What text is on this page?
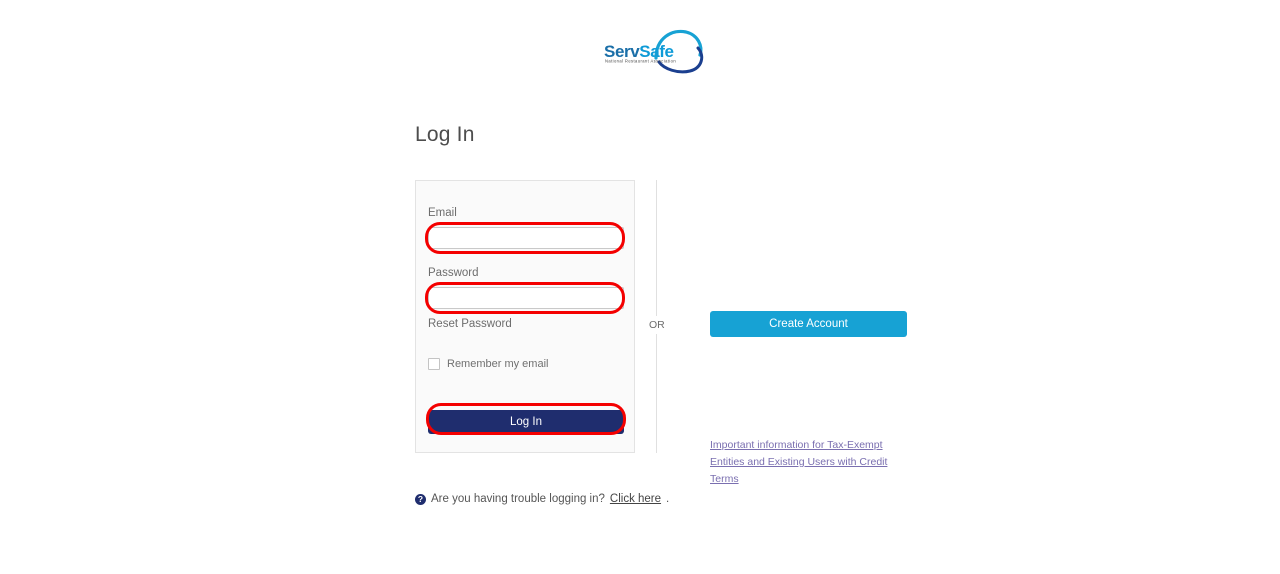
ServSafe
National Restaurant Association
Log In
Email
Password
Reset Password
Remember my email
Log In
OR	Create Account
Important information for Tax-Exempt Entities and Existing Users with Credit Terms
? Are you having trouble logging in? Click here .
